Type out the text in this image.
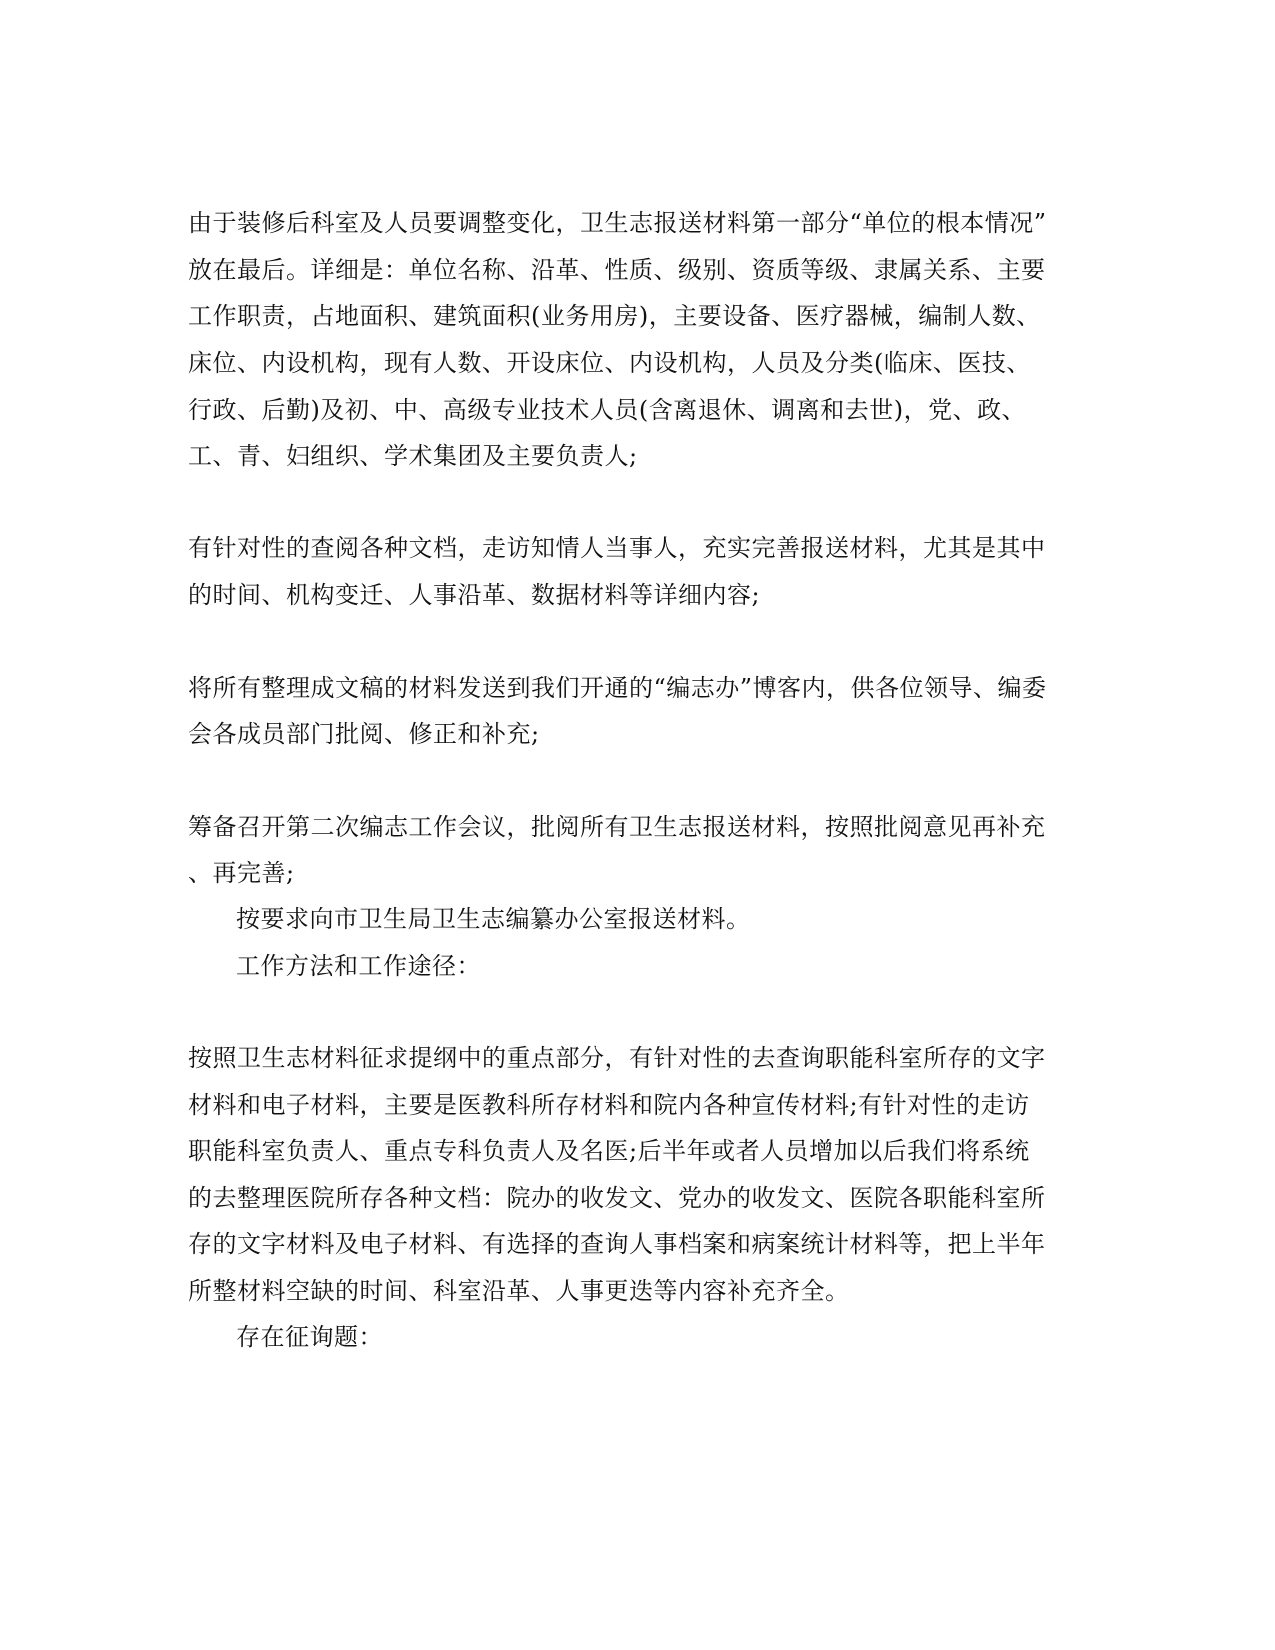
由于装修后科室及人员要调整变化，卫生志报送材料第一部分“单位的根本情况”
放在最后。详细是：单位名称、沿革、性质、级别、资质等级、隶属关系、主要
工作职责，占地面积、建筑面积(业务用房)，主要设备、医疗器械，编制人数、
床位、内设机构，现有人数、开设床位、内设机构，人员及分类(临床、医技、
行政、后勤)及初、中、高级专业技术人员(含离退休、调离和去世)，党、政、
工、青、妇组织、学术集团及主要负责人;
有针对性的查阅各种文档，走访知情人当事人，充实完善报送材料，尤其是其中
的时间、机构变迁、人事沿革、数据材料等详细内容;
将所有整理成文稿的材料发送到我们开通的“编志办”博客内，供各位领导、编委
会各成员部门批阅、修正和补充;
筹备召开第二次编志工作会议，批阅所有卫生志报送材料，按照批阅意见再补充
、再完善;
按要求向市卫生局卫生志编纂办公室报送材料。
工作方法和工作途径：
按照卫生志材料征求提纲中的重点部分，有针对性的去查询职能科室所存的文字
材料和电子材料，主要是医教科所存材料和院内各种宣传材料;有针对性的走访
职能科室负责人、重点专科负责人及名医;后半年或者人员增加以后我们将系统
的去整理医院所存各种文档：院办的收发文、党办的收发文、医院各职能科室所
存的文字材料及电子材料、有选择的查询人事档案和病案统计材料等，把上半年
所整材料空缺的时间、科室沿革、人事更迭等内容补充齐全。
存在征询题：
